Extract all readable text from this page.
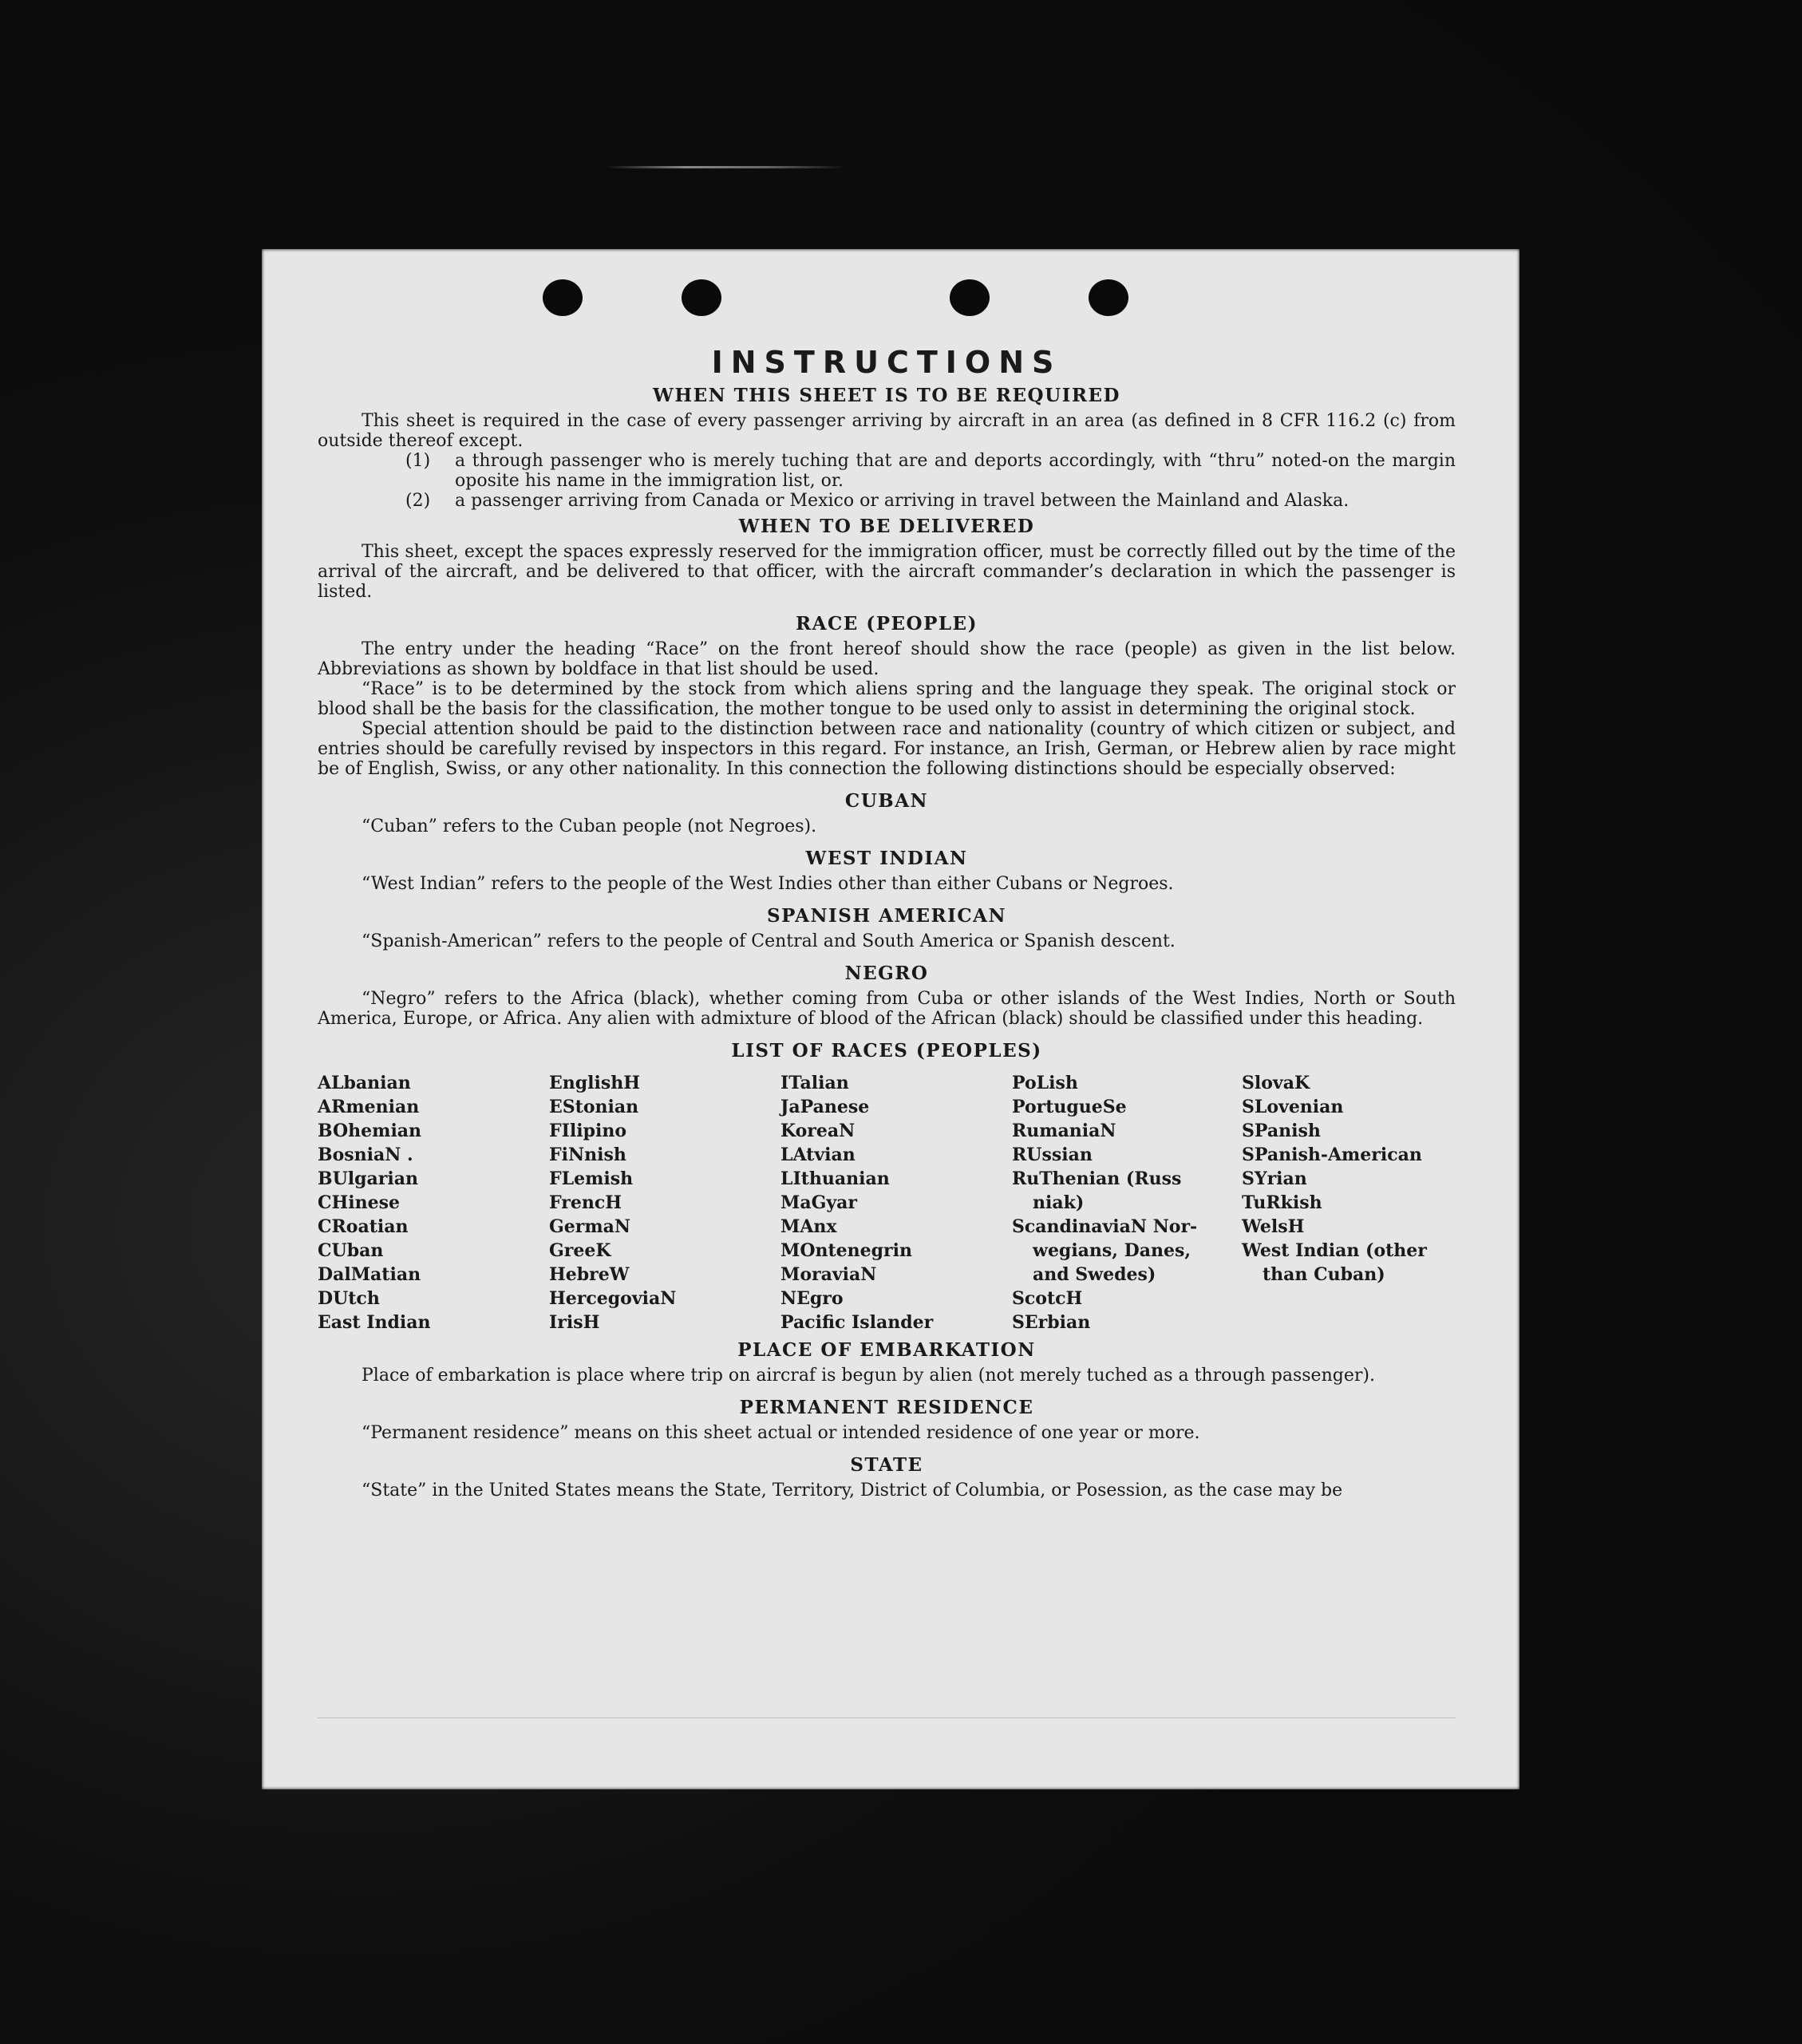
INSTRUCTIONS
WHEN THIS SHEET IS TO BE REQUIRED

This sheet is required in the case of every passenger arriving by aircraft in an area (as defined in 8 CFR 116.2 (c) from outside thereof except.

(1)	a through passenger who is merely tuching that are and deports accordingly, with “thru” noted-on the margin oposite his name in the immigration list, or.
(2)	a passenger arriving from Canada or Mexico or arriving in travel between the Mainland and Alaska.
WHEN TO BE DELIVERED

This sheet, except the spaces expressly reserved for the immigration officer, must be correctly filled out by the time of the arrival of the aircraft, and be delivered to that officer, with the aircraft commander’s declaration in which the passenger is listed.

RACE (PEOPLE)

The entry under the heading “Race” on the front hereof should show the race (people) as given in the list below. Abbreviations as shown by boldface in that list should be used.

“Race” is to be determined by the stock from which aliens spring and the language they speak. The original stock or blood shall be the basis for the classification, the mother tongue to be used only to assist in determining the original stock.

Special attention should be paid to the distinction between race and nationality (country of which citizen or subject, and entries should be carefully revised by inspectors in this regard. For instance, an Irish, German, or Hebrew alien by race might be of English, Swiss, or any other nationality. In this connection the following distinctions should be especially observed:

CUBAN

“Cuban” refers to the Cuban people (not Negroes).

WEST INDIAN

“West Indian” refers to the people of the West Indies other than either Cubans or Negroes.

SPANISH AMERICAN

“Spanish-American” refers to the people of Central and South America or Spanish descent.

NEGRO

“Negro” refers to the Africa (black), whether coming from Cuba or other islands of the West Indies, North or South America, Europe, or Africa. Any alien with admixture of blood of the African (black) should be classified under this heading.

LIST OF RACES (PEOPLES)
ALbanian
ARmenian
BOhemian
BosniaN .
BUlgarian
CHinese
CRoatian
CUban
DalMatian
DUtch
East Indian
EnglishH
EStonian
FIlipino
FiNnish
FLemish
FrencH
GermaN
GreeK
HebreW
HercegoviaN
IrisH
ITalian
JaPanese
KoreaN
LAtvian
LIthuanian
MaGyar
MAnx
MOntenegrin
MoraviaN
NEgro
Pacific Islander
PoLish
PortugueSe
RumaniaN
RUssian
RuThenian (Russ
niak)
ScandinaviaN Nor-
wegians, Danes,
and Swedes)
ScotcH
SErbian
SlovaK
SLovenian
SPanish
SPanish-American
SYrian
TuRkish
WelsH
West Indian (other
than Cuban)
PLACE OF EMBARKATION

Place of embarkation is place where trip on aircraf is begun by alien (not merely tuched as a through passenger).

PERMANENT RESIDENCE

“Permanent residence” means on this sheet actual or intended residence of one year or more.

STATE

“State” in the United States means the State, Territory, District of Columbia, or Posession, as the case may be
